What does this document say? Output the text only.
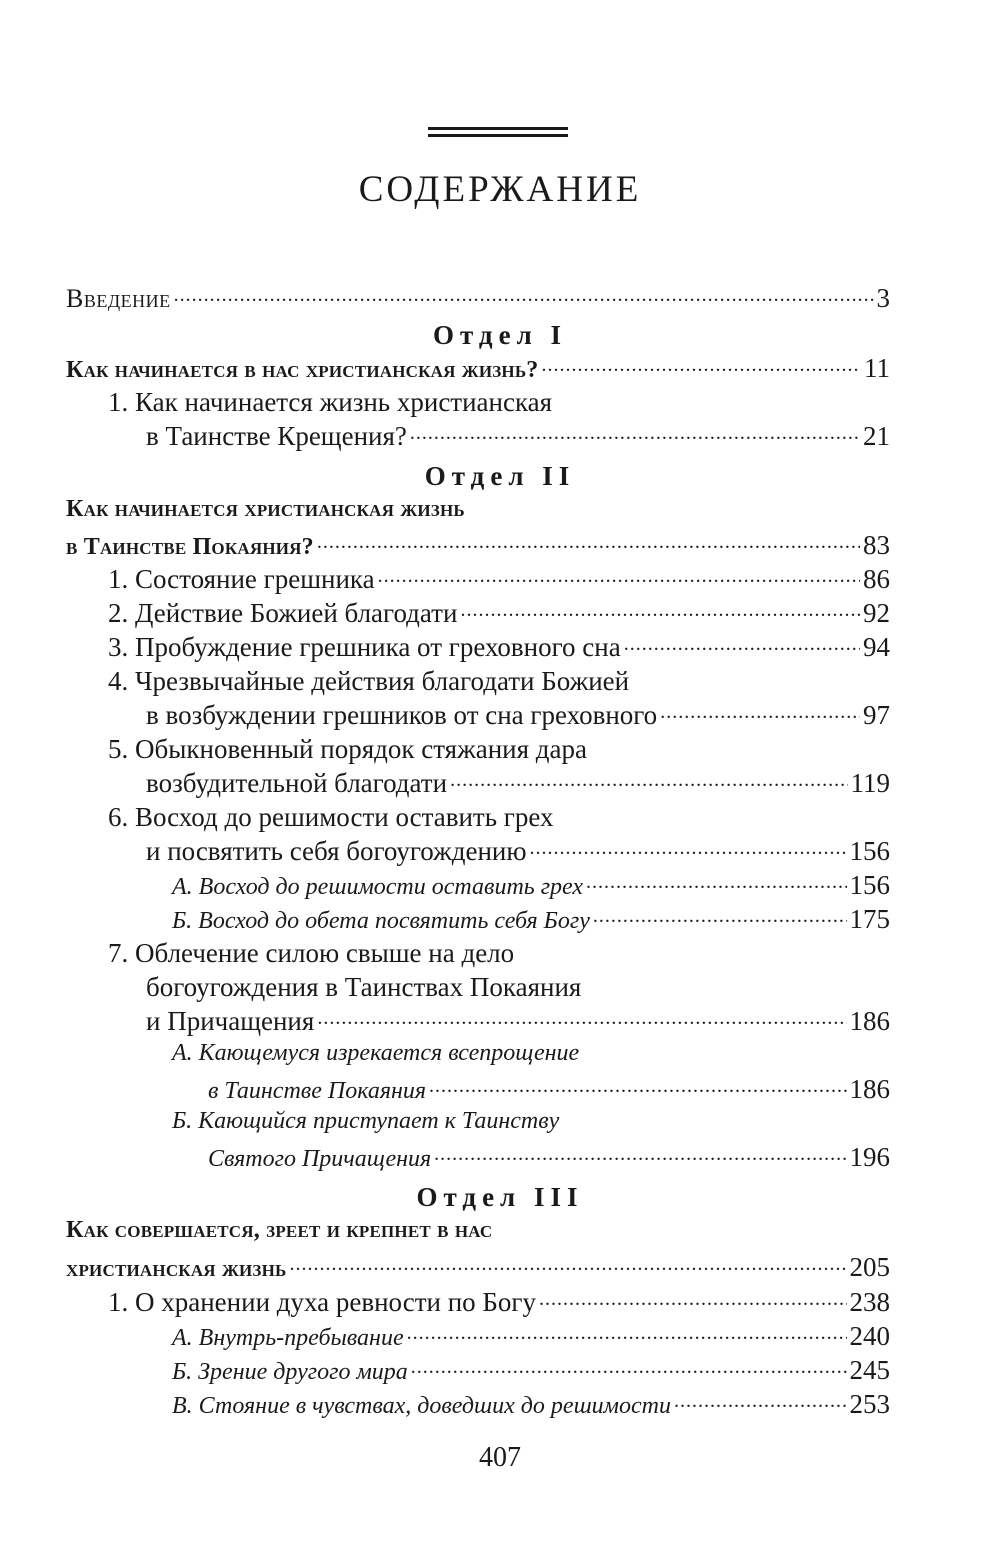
СОДЕРЖАНИЕ
Введение .....	3
Отдел I
Как начинается в нас христианская жизнь? .....	11
1. Как начинается жизнь христианская
в Таинстве Крещения? .....	21
Отдел II
Как начинается христианская жизнь
в Таинстве Покаяния? .....	83
1. Состояние грешника .....	86
2. Действие Божией благодати .....	92
3. Пробуждение грешника от греховного сна .....	94
4. Чрезвычайные действия благодати Божией
в возбуждении грешников от сна греховного .....	97
5. Обыкновенный порядок стяжания дара
возбудительной благодати .....	119
6. Восход до решимости оставить грех
и посвятить себя богоугождению .....	156
А. Восход до решимости оставить грех .....	156
Б. Восход до обета посвятить себя Богу .....	175
7. Облечение силою свыше на дело
богоугождения в Таинствах Покаяния
и Причащения .....	186
А. Кающемуся изрекается всепрощение
в Таинстве Покаяния .....	186
Б. Кающийся приступает к Таинству
Святого Причащения .....	196
Отдел III
Как совершается, зреет и крепнет в нас
христианская жизнь .....	205
1. О хранении духа ревности по Богу .....	238
А. Внутрь-пребывание .....	240
Б. Зрение другого мира .....	245
В. Стояние в чувствах, доведших до решимости .....	253
407
